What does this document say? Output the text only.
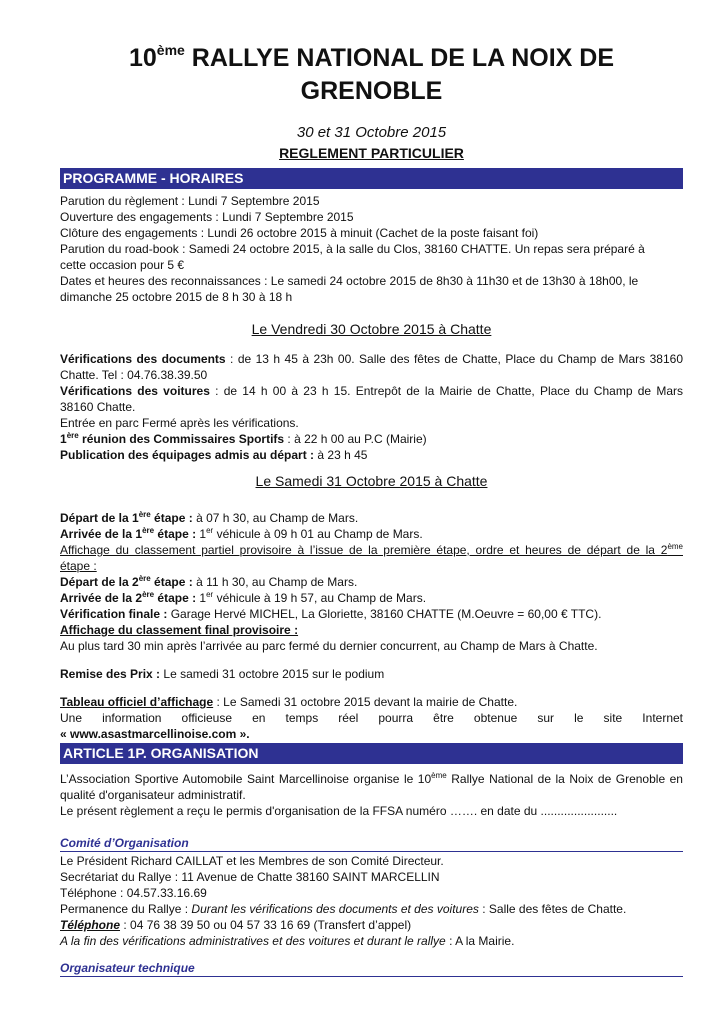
10ème RALLYE NATIONAL DE LA NOIX DE
GRENOBLE
30 et 31 Octobre 2015
REGLEMENT PARTICULIER
PROGRAMME - HORAIRES

Parution du règlement : Lundi 7 Septembre 2015

Ouverture des engagements : Lundi 7 Septembre 2015

Clôture des engagements : Lundi 26 octobre 2015 à minuit (Cachet de la poste faisant foi)

Parution du road-book : Samedi 24 octobre 2015, à la salle du Clos, 38160 CHATTE. Un repas sera préparé à

cette occasion pour 5 €

Dates et heures des reconnaissances : Le samedi 24 octobre 2015 de 8h30 à 11h30 et de 13h30 à 18h00, le

dimanche 25 octobre 2015 de 8 h 30 à 18 h

Le Vendredi 30 Octobre 2015 à Chatte

Vérifications des documents : de 13 h 45 à 23h 00. Salle des fêtes de Chatte, Place du Champ de Mars 38160

Chatte. Tel : 04.76.38.39.50

Vérifications des voitures : de 14 h 00 à 23 h 15. Entrepôt de la Mairie de Chatte, Place du Champ de Mars

38160 Chatte.

Entrée en parc Fermé après les vérifications.

1ère réunion des Commissaires Sportifs : à 22 h 00 au P.C (Mairie)

Publication des équipages admis au départ : à 23 h 45

Le Samedi 31 Octobre 2015 à Chatte

Départ de la 1ère étape : à 07 h 30, au Champ de Mars.

Arrivée de la 1ère étape : 1er véhicule à 09 h 01 au Champ de Mars.

Affichage du classement partiel provisoire à l’issue de la première étape, ordre et heures de départ de la 2ème

étape :

Départ de la 2ère étape : à 11 h 30, au Champ de Mars.

Arrivée de la 2ère étape : 1er véhicule à 19 h 57, au Champ de Mars.

Vérification finale : Garage Hervé MICHEL, La Gloriette, 38160 CHATTE (M.Oeuvre = 60,00 € TTC).

Affichage du classement final provisoire :

Au plus tard 30 min après l’arrivée au parc fermé du dernier concurrent, au Champ de Mars à Chatte.

Remise des Prix : Le samedi 31 octobre 2015 sur le podium

Tableau officiel d’affichage : Le Samedi 31 octobre 2015 devant la mairie de Chatte.

Une information officieuse en temps réel pourra être obtenue sur le site Internet

« www.asastmarcellinoise.com ».

ARTICLE 1P. ORGANISATION

L’Association Sportive Automobile Saint Marcellinoise organise le 10ème Rallye National de la Noix de Grenoble en

qualité d'organisateur administratif.

Le présent règlement a reçu le permis d'organisation de la FFSA numéro ……. en date du .......................

Comité d’Organisation

Le Président Richard CAILLAT et les Membres de son Comité Directeur.

Secrétariat du Rallye : 11 Avenue de Chatte 38160 SAINT MARCELLIN

Téléphone : 04.57.33.16.69

Permanence du Rallye : Durant les vérifications des documents et des voitures : Salle des fêtes de Chatte.

Téléphone : 04 76 38 39 50 ou 04 57 33 16 69 (Transfert d’appel)

A la fin des vérifications administratives et des voitures et durant le rallye : A la Mairie.

Organisateur technique
